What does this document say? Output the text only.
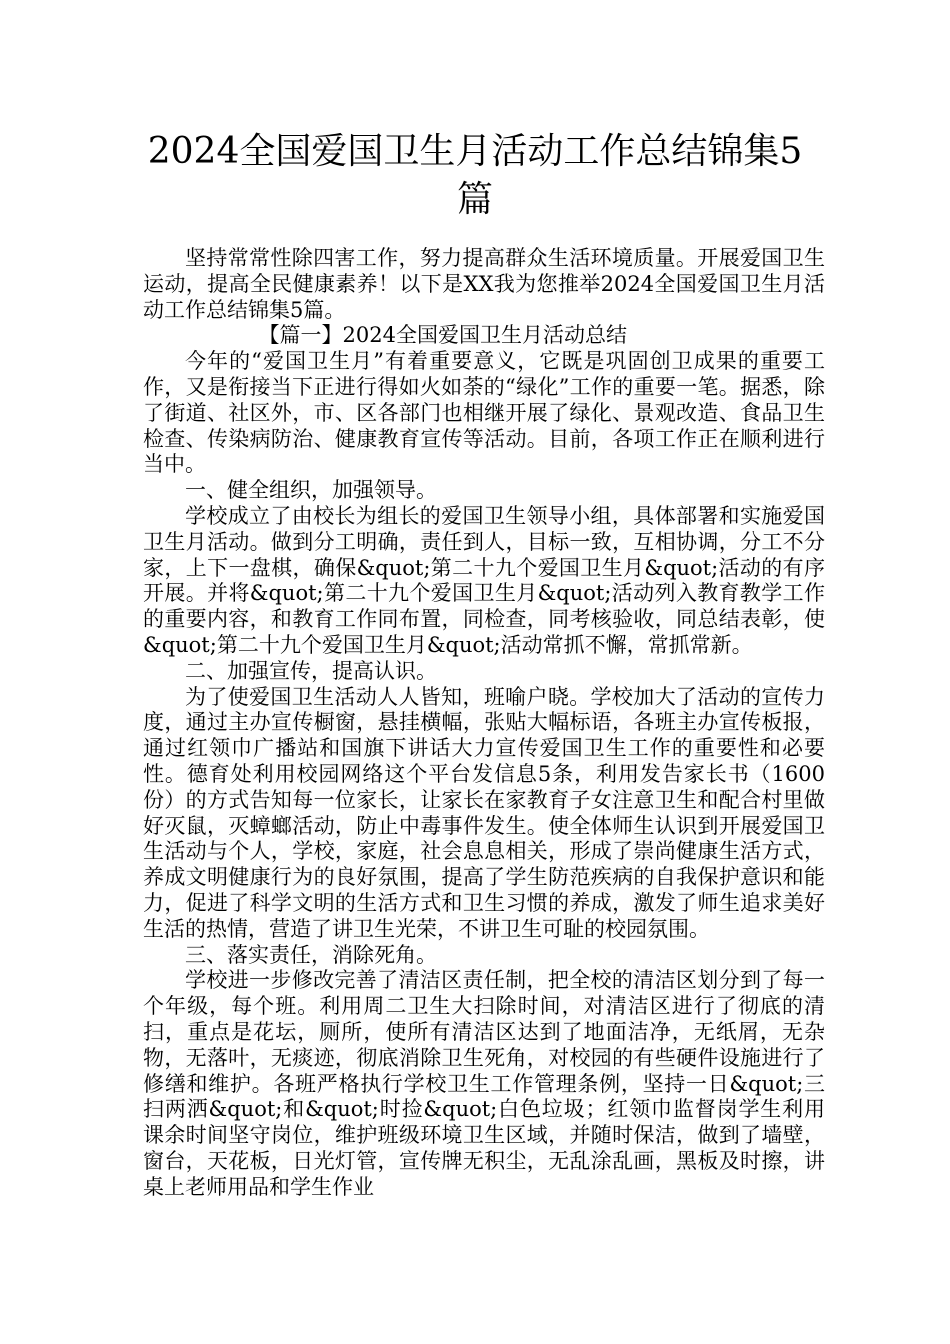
2024全国爱国卫生月活动工作总结锦集5篇

坚持常常性除四害工作，努力提高群众生活环境质量。开展爱国卫生运动，提高全民健康素养！以下是XX我为您推举2024全国爱国卫生月活动工作总结锦集5篇。

【篇一】2024全国爱国卫生月活动总结

今年的“爱国卫生月”有着重要意义，它既是巩固创卫成果的重要工作，又是衔接当下正进行得如火如荼的“绿化”工作的重要一笔。据悉，除了街道、社区外，市、区各部门也相继开展了绿化、景观改造、食品卫生检查、传染病防治、健康教育宣传等活动。目前，各项工作正在顺利进行当中。

一、健全组织，加强领导。

学校成立了由校长为组长的爱国卫生领导小组，具体部署和实施爱国卫生月活动。做到分工明确，责任到人，目标一致，互相协调，分工不分家，上下一盘棋，确保&quot;第二十九个爱国卫生月&quot;活动的有序开展。并将&quot;第二十九个爱国卫生月&quot;活动列入教育教学工作的重要内容，和教育工作同布置，同检查，同考核验收，同总结表彰，使&quot;第二十九个爱国卫生月&quot;活动常抓不懈，常抓常新。

二、加强宣传，提高认识。

为了使爱国卫生活动人人皆知，班喻户晓。学校加大了活动的宣传力度，通过主办宣传橱窗，悬挂横幅，张贴大幅标语，各班主办宣传板报，通过红领巾广播站和国旗下讲话大力宣传爱国卫生工作的重要性和必要性。德育处利用校园网络这个平台发信息5条，利用发告家长书（1600份）的方式告知每一位家长，让家长在家教育子女注意卫生和配合村里做好灭鼠，灭蟑螂活动，防止中毒事件发生。使全体师生认识到开展爱国卫生活动与个人，学校，家庭，社会息息相关，形成了崇尚健康生活方式，养成文明健康行为的良好氛围，提高了学生防范疾病的自我保护意识和能力，促进了科学文明的生活方式和卫生习惯的养成，激发了师生追求美好生活的热情，营造了讲卫生光荣，不讲卫生可耻的校园氛围。

三、落实责任，消除死角。

学校进一步修改完善了清洁区责任制，把全校的清洁区划分到了每一个年级，每个班。利用周二卫生大扫除时间，对清洁区进行了彻底的清扫，重点是花坛，厕所，使所有清洁区达到了地面洁净，无纸屑，无杂物，无落叶，无痰迹，彻底消除卫生死角，对校园的有些硬件设施进行了修缮和维护。各班严格执行学校卫生工作管理条例，坚持一日&quot;三扫两洒&quot;和&quot;时捡&quot;白色垃圾；红领巾监督岗学生利用课余时间坚守岗位，维护班级环境卫生区域，并随时保洁，做到了墙壁，窗台，天花板，日光灯管，宣传牌无积尘，无乱涂乱画，黑板及时擦，讲桌上老师用品和学生作业
